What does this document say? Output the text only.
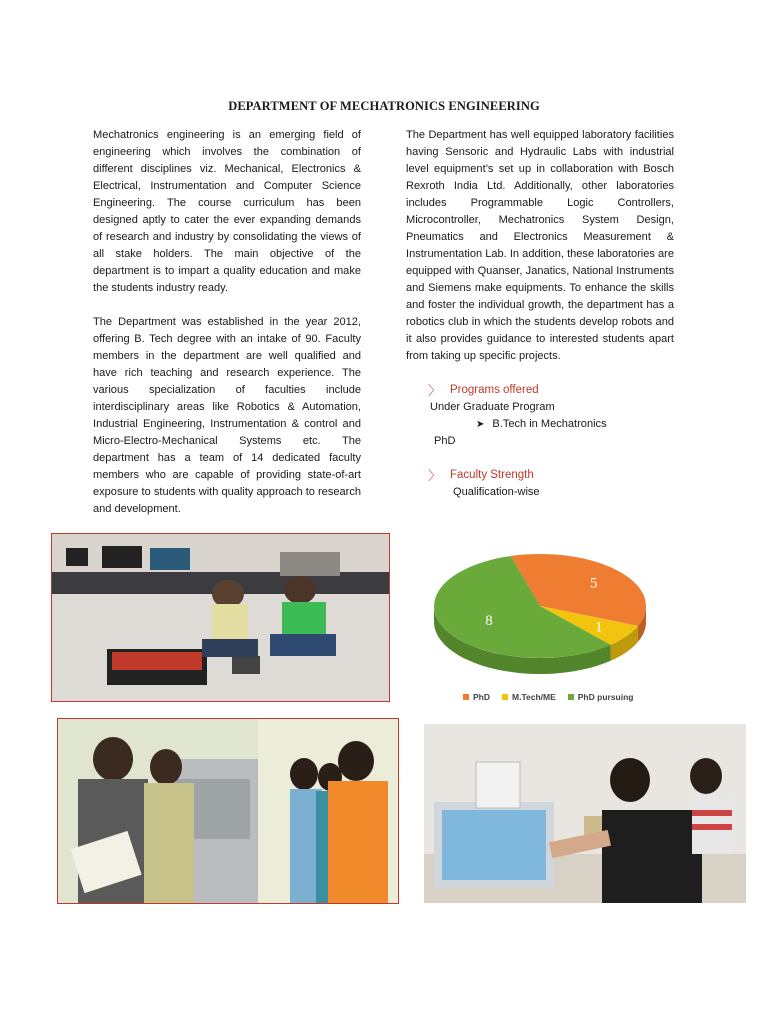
DEPARTMENT OF MECHATRONICS ENGINEERING

Mechatronics engineering is an emerging field of engineering which involves the combination of different disciplines viz. Mechanical, Electronics & Electrical, Instrumentation and Computer Science Engineering. The course curriculum has been designed aptly to cater the ever expanding demands of research and industry by consolidating the views of all stake holders. The main objective of the department is to impart a quality education and make the students industry ready.

The Department was established in the year 2012, offering B. Tech degree with an intake of 90. Faculty members in the department are well qualified and have rich teaching and research experience. The various specialization of faculties include interdisciplinary areas like Robotics & Automation, Industrial Engineering, Instrumentation & control and Micro-Electro-Mechanical Systems etc. The department has a team of 14 dedicated faculty members who are capable of providing state-of-art exposure to students with quality approach to research and development.

The Department has well equipped laboratory facilities having Sensoric and Hydraulic Labs with industrial level equipment’s set up in collaboration with Bosch Rexroth India Ltd. Additionally, other laboratories includes Programmable Logic Controllers, Microcontroller, Mechatronics System Design, Pneumatics and Electronics Measurement & Instrumentation Lab. In addition, these laboratories are equipped with Quanser, Janatics, National Instruments and Siemens make equipments. To enhance the skills and foster the individual growth, the department has a robotics club in which the students develop robots and it also provides guidance to interested students apart from taking up specific projects.

〉 Programs offered
Under Graduate Program
➤ B.Tech in Mechatronics
PhD
〉 Faculty Strength
Qualification-wise
5
1
8
PhD	M.Tech/ME	PhD pursuing
